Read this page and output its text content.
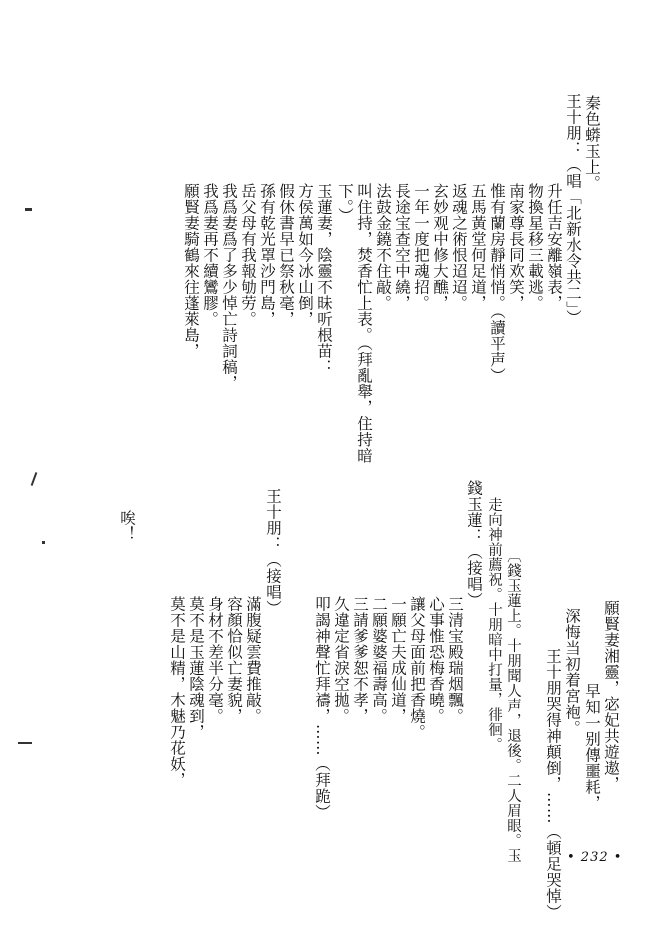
秦色蟒玉上。
王十朋：（唱「北新水令共二」）
升任吉安離嶺表，
物換星移三載逃。
南家尊長同欢笑，
惟有蘭房靜悄悄。（讀平声）
五馬黃堂何足道，
返魂之術恨迢迢。
玄妙观中修大醮，
一年一度把魂招。
長途宝查空中繞，
法鼓金鐃不住敲。
叫住持，焚香忙上表。（拜亂舉，住持暗
下。）
玉蓮妻，陰靈不昧听根苗：
方侯萬如今冰山倒，
假休書早已祭秋毫，
孫有乾光罩沙門島，
岳父母有我報劬劳。
我爲妻爲了多少悼亡詩詞稿，
我爲妻再不續鸞膠。
願賢妻騎鶴來往蓬萊島，
唉！	王十朋：（接唱）	錢玉蓮：（接唱） 走向神前薦祝。十朋暗中打量，徘徊。 〔錢玉蓮上。十朋聞人声，退後。二人眉眼。玉	深悔当初着宮袍。
王十朋哭得神顛倒，……（頓足哭悼） 早知一别傳噩耗， 願賢妻湘靈，宓妃共遊遨，
三清宝殿瑞烟飄。
心事惟恐梅香曉。
讓父母面前把香燒。
一願亡夫成仙道，
二願婆婆福壽高。
三請爹爹恕不孝，
久違定省淚空拋。
叩謁神聲忙拜禱，……（拜跪）
滿腹疑雲費推敲。
容顏恰似亡妻貌，
身材不差半分毫。
莫不是玉蓮陰魂到，
莫不是山精，木魅乃花妖，
• 232 •
